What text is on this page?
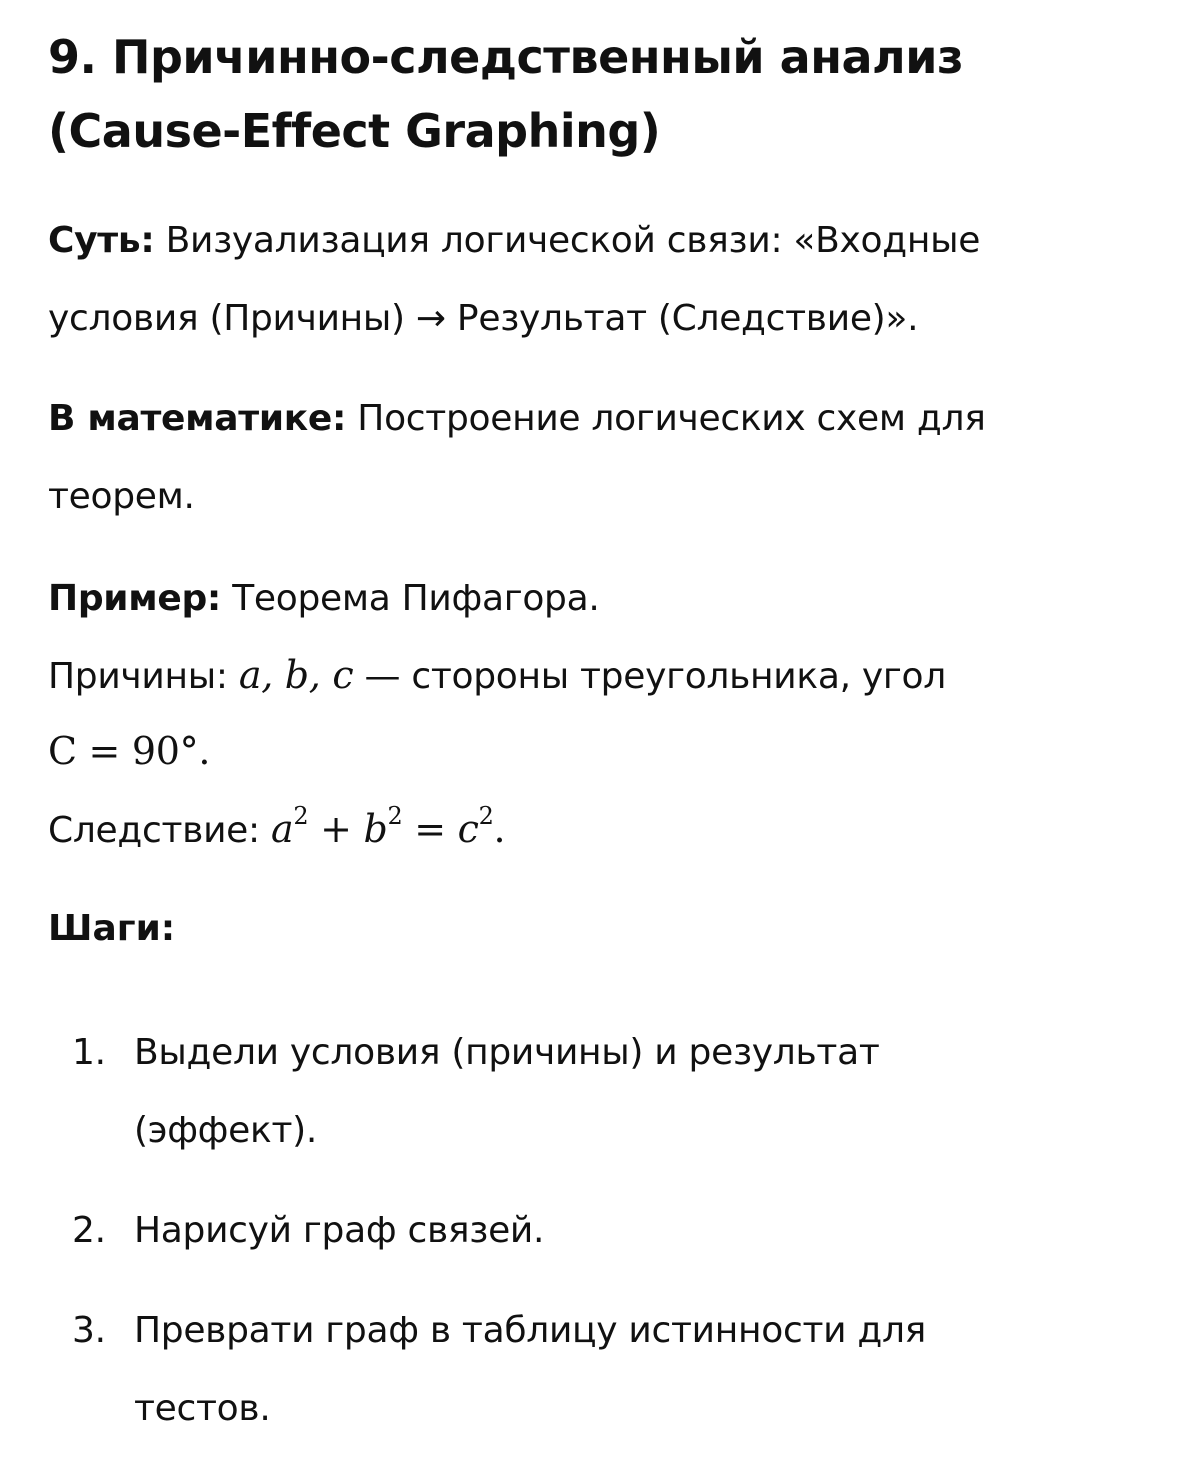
9. Причинно-следственный анализ (Cause-Effect Graphing)
Суть: Визуализация логической связи: «Входные условия (Причины) → Результат (Следствие)».
В математике: Построение логических схем для теорем.
Пример: Теорема Пифагора.
Причины: a, b, c — стороны треугольника, угол
C = 90°.
Следствие: $a^2 + b^2 = c^2$.
Шаги:
1. Выдели условия (причины) и результат (эффект).
2. Нарисуй граф связей.
3. Преврати граф в таблицу истинности для тестов.
